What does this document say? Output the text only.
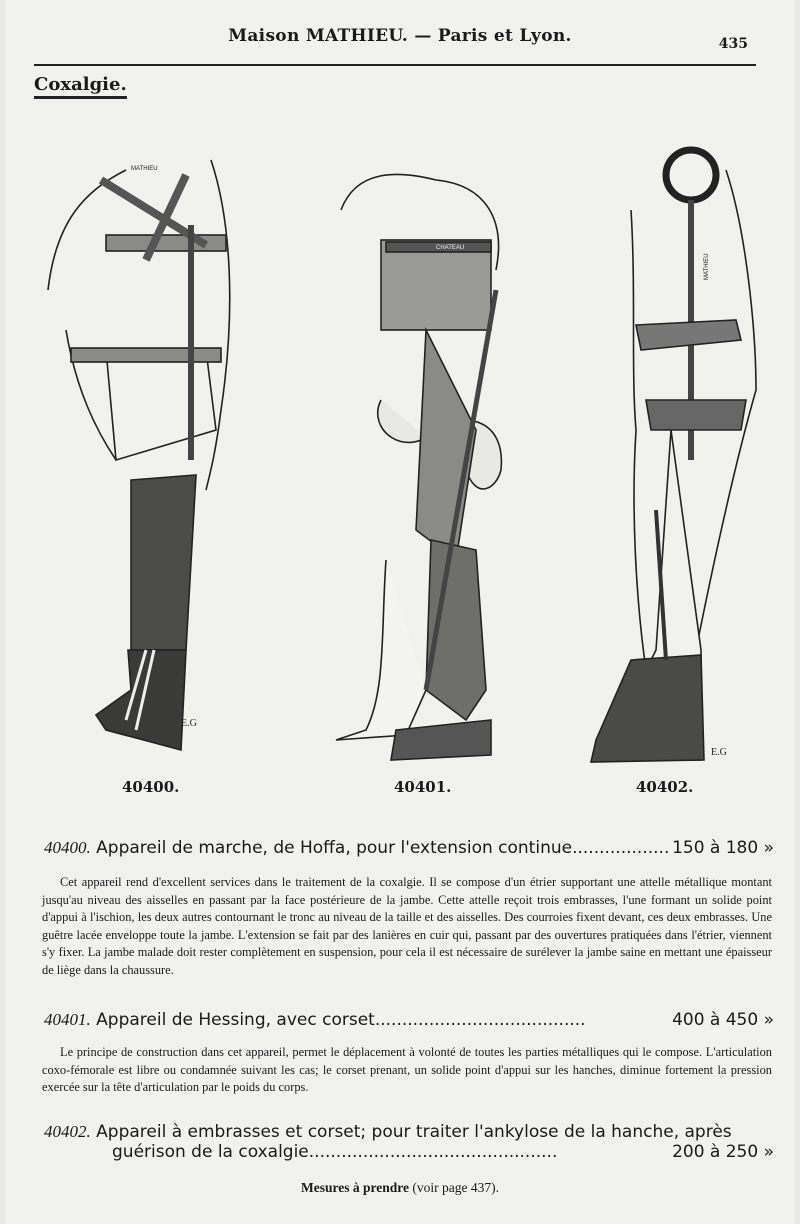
Maison MATHIEU. — Paris et Lyon.	435
Coxalgie.
E.G
E.G
MATHIEU
CHATEAU
MATHIEU
40400.	40401.	40402.
40400. Appareil de marche, de Hoffa, pour l'extension continue.................. 150 à 180 »
Cet appareil rend d'excellent services dans le traitement de la coxalgie. Il se compose d'un étrier supportant une attelle métallique montant jusqu'au niveau des aisselles en passant par la face postérieure de la jambe. Cette attelle reçoit trois embrasses, l'une formant un solide point d'appui à l'ischion, les deux autres contournant le tronc au niveau de la taille et des aisselles. Des courroies fixent devant, ces deux embrasses. Une guêtre lacée enveloppe toute la jambe. L'extension se fait par des lanières en cuir qui, passant par des ouvertures pratiquées dans l'étrier, viennent s'y fixer. La jambe malade doit rester complètement en suspension, pour cela il est nécessaire de surélever la jambe saine en mettant une épaisseur de liège dans la chaussure.
40401. Appareil de Hessing, avec corset.......................................	400 à 450 »
Le principe de construction dans cet appareil, permet le déplacement à volonté de toutes les parties métalliques qui le compose. L'articulation coxo-fémorale est libre ou condamnée suivant les cas; le corset prenant, un solide point d'appui sur les hanches, diminue fortement la pression exercée sur la tête d'articulation par le poids du corps.
40402. Appareil à embrasses et corset; pour traiter l'ankylose de la hanche, après
guérison de la coxalgie..............................................	200 à 250 »
Mesures à prendre (voir page 437).
